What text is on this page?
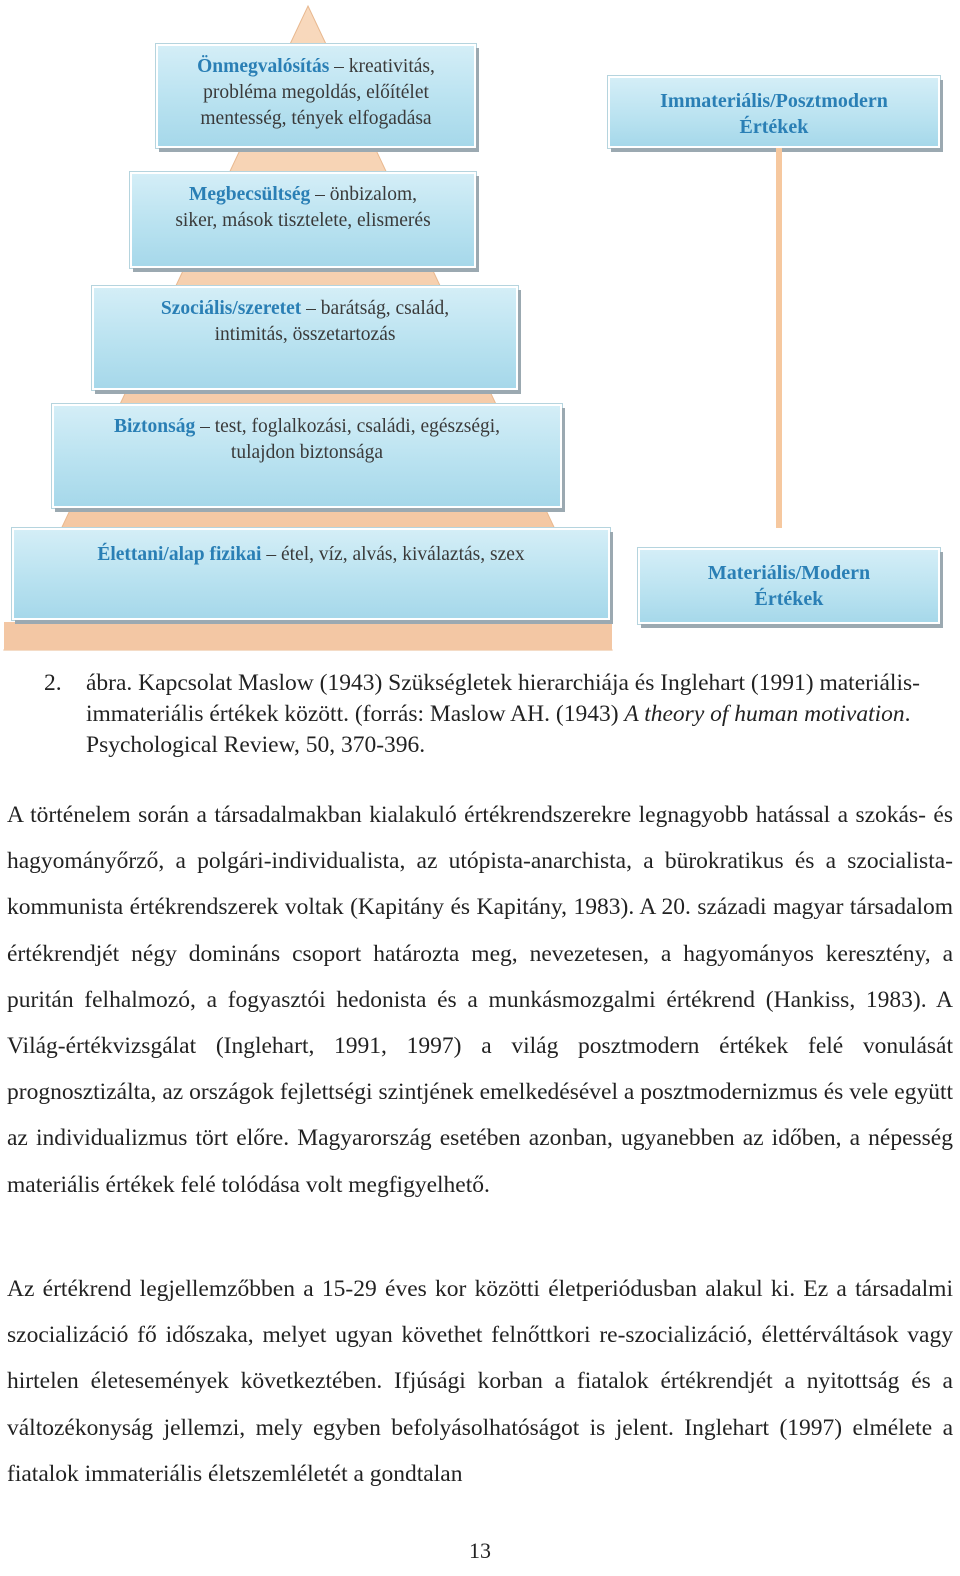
Önmegvalósítás – kreativitás,
probléma megoldás, előítélet
mentesség, tények elfogadása
Megbecsültség – önbizalom,
siker, mások tisztelete, elismerés
Szociális/szeretet – barátság, család,
intimitás, összetartozás
Biztonság – test, foglalkozási, családi, egészségi,
tulajdon biztonsága
Élettani/alap fizikai – étel, víz, alvás, kiválaztás, szex
Immateriális/Posztmodern
Értékek
Materiális/Modern
Értékek
2. ábra. Kapcsolat Maslow (1943) Szükségletek hierarchiája és Inglehart (1991) materiális-immateriális értékek között. (forrás: Maslow AH. (1943) A theory of human motivation. Psychological Review, 50, 370-396.

A történelem során a társadalmakban kialakuló értékrendszerekre legnagyobb hatással a szokás- és hagyományőrző, a polgári-individualista, az utópista-anarchista, a bürokratikus és a szocialista-kommunista értékrendszerek voltak (Kapitány és Kapitány, 1983). A 20. századi magyar társadalom értékrendjét négy domináns csoport határozta meg, nevezetesen, a hagyományos keresztény, a puritán felhalmozó, a fogyasztói hedonista és a munkásmozgalmi értékrend (Hankiss, 1983). A Világ-értékvizsgálat (Inglehart, 1991, 1997) a világ posztmodern értékek felé vonulását prognosztizálta, az országok fejlettségi szintjének emelkedésével a posztmodernizmus és vele együtt az individualizmus tört előre. Magyarország esetében azonban, ugyanebben az időben, a népesség materiális értékek felé tolódása volt megfigyelhető.

Az értékrend legjellemzőbben a 15-29 éves kor közötti életperiódusban alakul ki. Ez a társadalmi szocializáció fő időszaka, melyet ugyan követhet felnőttkori re-szocializáció, élettérváltások vagy hirtelen életesemények következtében. Ifjúsági korban a fiatalok értékrendjét a nyitottság és a változékonyság jellemzi, mely egyben befolyásolhatóságot is jelent. Inglehart (1997) elmélete a fiatalok immateriális életszemléletét a gondtalan

13
